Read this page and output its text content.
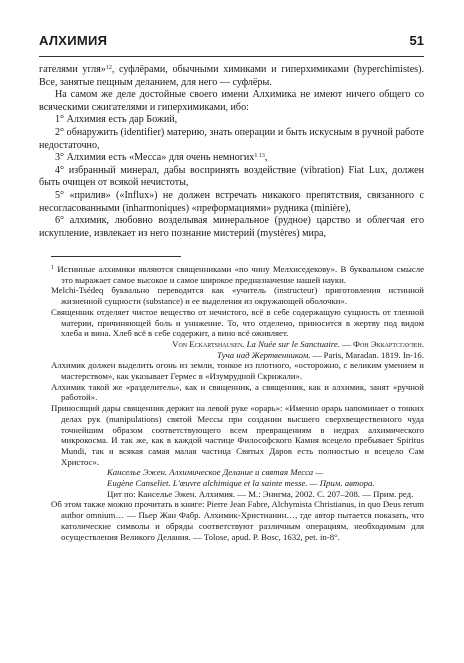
АЛХИМИЯ	51

гателями угля»$^{12}$, суфлёрами, обычными химиками и гиперхимиками (hyperchimistes). Все, занятые пещным деланием, для него — суфлёры.

На самом же деле достойные своего имени Алхимика не имеют ничего общего со всяческими сжигателями и гиперхимиками, ибо:

1° Алхимия есть дар Божий,

2° обнаружить (identifier) материю, знать операции и быть искусным в ручной работе недостаточно,

3° Алхимия есть «Месса» для очень немногих$^{1 13}$,

4° избранный минерал, дабы воспринять воздействие (vibration) Fiat Lux, должен быть очищен от всякой нечистоты,

5° «прилив» («Influx») не должен встречать никакого препятствия, связанного с несогласованными (inharmoniques) «преформациями» рудника (minière),

6° алхимик, любовно возделывая минеральное (рудное) царство и облегчая его искупление, извлекает из него познание мистерий (mystères) мира,

$^1$ Истинные алхимики являются священниками «по чину Мелхиседекову». В буквальном смысле это выражает самое высокое и самое широкое предназначение нашей науки.

Melchi-Tsédeq буквально переводится как «учитель (instructeur) приготовления истинной жизненной сущности (substance) и ее выделения из окружающей оболочки».

Священник отделяет чистое вещество от нечистого, всё в себе содержащую сущность от тленной материи, причиняющей боль и унижение. То, что отделено, приносится в жертву под видом хлеба и вина. Хлеб всё в себе содержит, а вино всё оживляет.

Von Eckartshausen. La Nuée sur le Sanctuaire. — Фон Эккартсгаузен.
Туча над Жертвенником. — Paris, Maradan. 1819. In-16.

Алхимик должен выделить огонь из земли, тонкое из плотного, «осторожно, с великим умением и мастерством», как указывает Гермес в «Изумрудной Скрижали».

Алхимик такой же «разделитель», как и священник, а священник, как и алхимик, занят «ручной работой».

Приносящий дары священник держит на левой руке «орарь»: «Именно орарь напоминает о тонких делах рук (manipulations) святой Мессы при создании высшего сверхвещественного чуда точнейшим образом соответствующего всем превращениям в недрах алхимического микрокосма. И так же, как в каждой частице Философского Камня всецело пребывает Spiritus Mundi, так и всякая самая малая частица Святых Даров есть полностью и всецело Сам Христос».

Канселье Эжен. Алхимическое Делание и святая Месса —

Eugène Canseliet. L'œuvre alchimique et la sainte messe. — Прим. автора.

Цит по: Канселье Эжен. Алхимия. — М.: Энигма, 2002. С. 207–208. — Прим. ред.

Об этом также можно прочитать в книге: Pierre Jean Fabre, Alchymista Christianus, in quo Deus rerum author omnium… — Пьер Жан Фабр. Алхимик-Христианин…, где автор пытается показать, что католические символы и обряды соответствуют различным операциям, необходимым для осуществления Великого Делания. — Tolose, apud. P. Bosc, 1632, pet. in-8°.
